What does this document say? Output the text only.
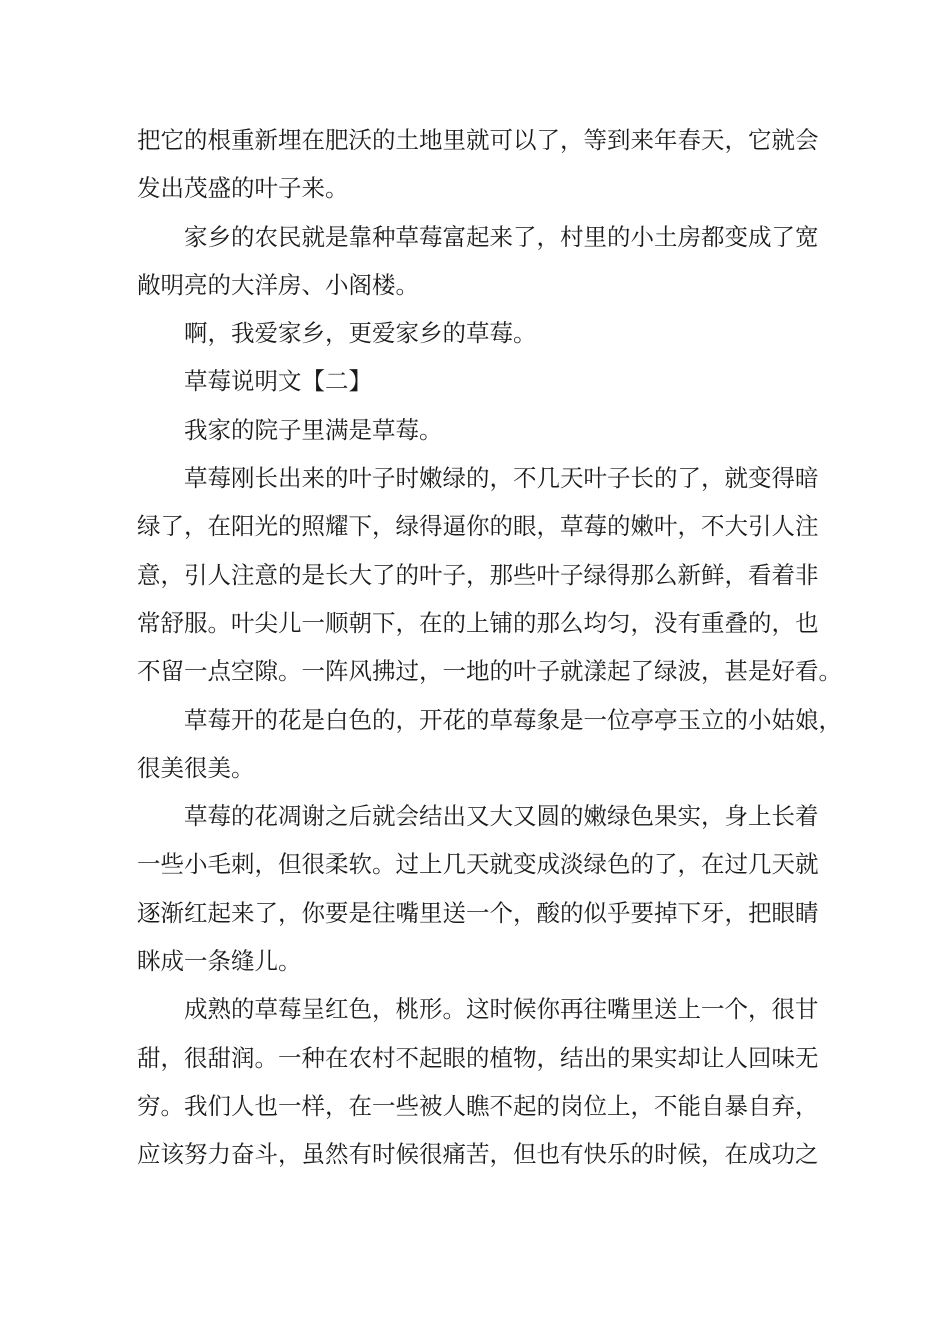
把它的根重新埋在肥沃的土地里就可以了，等到来年春天，它就会
发出茂盛的叶子来。
家乡的农民就是靠种草莓富起来了，村里的小土房都变成了宽
敞明亮的大洋房、小阁楼。
啊，我爱家乡，更爱家乡的草莓。
草莓说明文【二】
我家的院子里满是草莓。
草莓刚长出来的叶子时嫩绿的，不几天叶子长的了，就变得暗
绿了，在阳光的照耀下，绿得逼你的眼，草莓的嫩叶，不大引人注
意，引人注意的是长大了的叶子，那些叶子绿得那么新鲜，看着非
常舒服。叶尖儿一顺朝下，在的上铺的那么均匀，没有重叠的，也
不留一点空隙。一阵风拂过，一地的叶子就漾起了绿波，甚是好看。
草莓开的花是白色的，开花的草莓象是一位亭亭玉立的小姑娘，
很美很美。
草莓的花凋谢之后就会结出又大又圆的嫩绿色果实，身上长着
一些小毛刺，但很柔软。过上几天就变成淡绿色的了，在过几天就
逐渐红起来了，你要是往嘴里送一个，酸的似乎要掉下牙，把眼睛
眯成一条缝儿。
成熟的草莓呈红色，桃形。这时候你再往嘴里送上一个，很甘
甜，很甜润。一种在农村不起眼的植物，结出的果实却让人回味无
穷。我们人也一样，在一些被人瞧不起的岗位上，不能自暴自弃，
应该努力奋斗，虽然有时候很痛苦，但也有快乐的时候，在成功之
